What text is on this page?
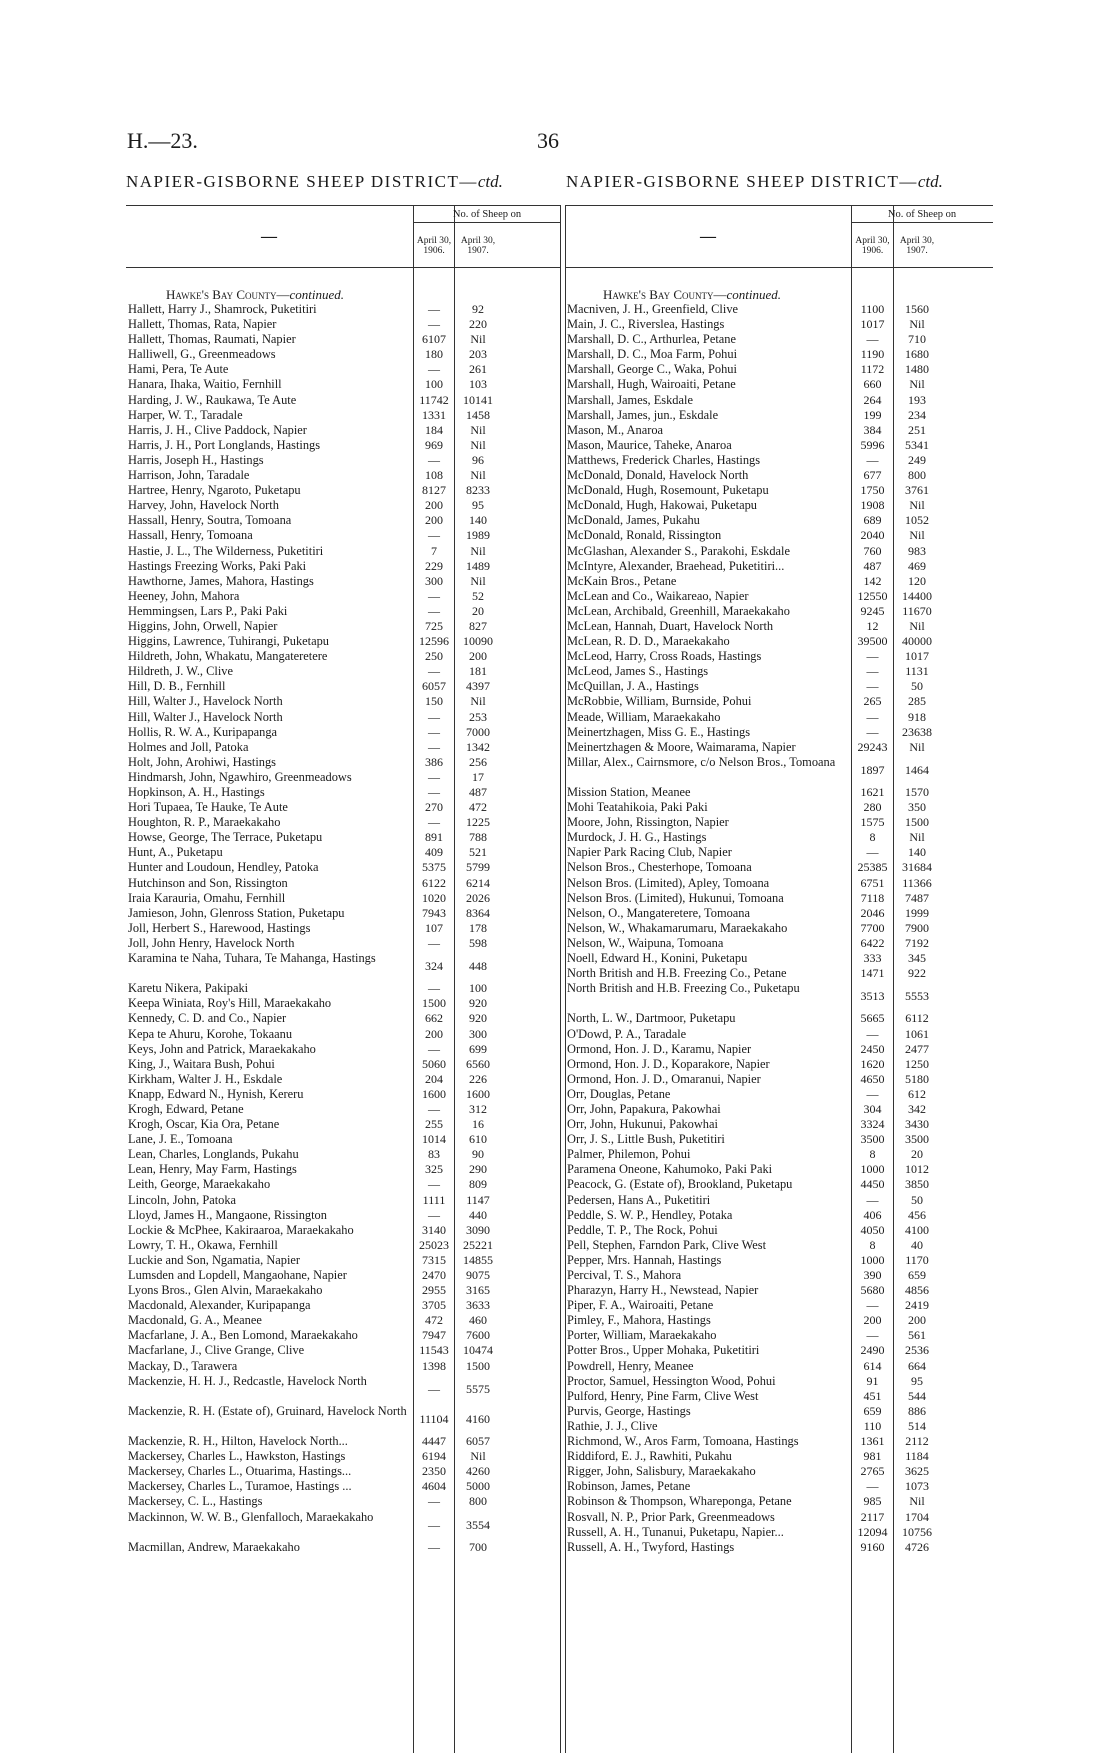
H.—23.	36
NAPIER-GISBORNE SHEEP DISTRICT—ctd.	NAPIER-GISBORNE SHEEP DISTRICT—ctd.
—
No. of Sheep on
April 30, 1906.
April 30, 1907.
Hawke's Bay County—continued.
Hallett, Harry J., Shamrock, Puketitiri	—	92
Hallett, Thomas, Rata, Napier	—	220
Hallett, Thomas, Raumati, Napier	6107	Nil
Halliwell, G., Greenmeadows	180	203
Hami, Pera, Te Aute	—	261
Hanara, Ihaka, Waitio, Fernhill	100	103
Harding, J. W., Raukawa, Te Aute	11742	10141
Harper, W. T., Taradale	1331	1458
Harris, J. H., Clive Paddock, Napier	184	Nil
Harris, J. H., Port Longlands, Hastings	969	Nil
Harris, Joseph H., Hastings	—	96
Harrison, John, Taradale	108	Nil
Hartree, Henry, Ngaroto, Puketapu	8127	8233
Harvey, John, Havelock North	200	95
Hassall, Henry, Soutra, Tomoana	200	140
Hassall, Henry, Tomoana	—	1989
Hastie, J. L., The Wilderness, Puketitiri	7	Nil
Hastings Freezing Works, Paki Paki	229	1489
Hawthorne, James, Mahora, Hastings	300	Nil
Heeney, John, Mahora	—	52
Hemmingsen, Lars P., Paki Paki	—	20
Higgins, John, Orwell, Napier	725	827
Higgins, Lawrence, Tuhirangi, Puketapu	12596	10090
Hildreth, John, Whakatu, Mangateretere	250	200
Hildreth, J. W., Clive	—	181
Hill, D. B., Fernhill	6057	4397
Hill, Walter J., Havelock North	150	Nil
Hill, Walter J., Havelock North	—	253
Hollis, R. W. A., Kuripapanga	—	7000
Holmes and Joll, Patoka	—	1342
Holt, John, Arohiwi, Hastings	386	256
Hindmarsh, John, Ngawhiro, Greenmeadows	—	17
Hopkinson, A. H., Hastings	—	487
Hori Tupaea, Te Hauke, Te Aute	270	472
Houghton, R. P., Maraekakaho	—	1225
Howse, George, The Terrace, Puketapu	891	788
Hunt, A., Puketapu	409	521
Hunter and Loudoun, Hendley, Patoka	5375	5799
Hutchinson and Son, Rissington	6122	6214
Iraia Karauria, Omahu, Fernhill	1020	2026
Jamieson, John, Glenross Station, Puketapu	7943	8364
Joll, Herbert S., Harewood, Hastings	107	178
Joll, John Henry, Havelock North	—	598
Karamina te Naha, Tuhara, Te Mahanga, Hastings
324	448
Karetu Nikera, Pakipaki	—	100
Keepa Winiata, Roy's Hill, Maraekakaho	1500	920
Kennedy, C. D. and Co., Napier	662	920
Kepa te Ahuru, Korohe, Tokaanu	200	300
Keys, John and Patrick, Maraekakaho	—	699
King, J., Waitara Bush, Pohui	5060	6560
Kirkham, Walter J. H., Eskdale	204	226
Knapp, Edward N., Hynish, Kereru	1600	1600
Krogh, Edward, Petane	—	312
Krogh, Oscar, Kia Ora, Petane	255	16
Lane, J. E., Tomoana	1014	610
Lean, Charles, Longlands, Pukahu	83	90
Lean, Henry, May Farm, Hastings	325	290
Leith, George, Maraekakaho	—	809
Lincoln, John, Patoka	1111	1147
Lloyd, James H., Mangaone, Rissington	—	440
Lockie & McPhee, Kakiraaroa, Maraekakaho	3140	3090
Lowry, T. H., Okawa, Fernhill	25023	25221
Luckie and Son, Ngamatia, Napier	7315	14855
Lumsden and Lopdell, Mangaohane, Napier	2470	9075
Lyons Bros., Glen Alvin, Maraekakaho	2955	3165
Macdonald, Alexander, Kuripapanga	3705	3633
Macdonald, G. A., Meanee	472	460
Macfarlane, J. A., Ben Lomond, Maraekakaho	7947	7600
Macfarlane, J., Clive Grange, Clive	11543	10474
Mackay, D., Tarawera	1398	1500
Mackenzie, H. H. J., Redcastle, Havelock North
—	5575
Mackenzie, R. H. (Estate of), Gruinard, Havelock North
11104	4160
Mackenzie, R. H., Hilton, Havelock North...	4447	6057
Mackersey, Charles L., Hawkston, Hastings	6194	Nil
Mackersey, Charles L., Otuarima, Hastings...	2350	4260
Mackersey, Charles L., Turamoe, Hastings ...	4604	5000
Mackersey, C. L., Hastings	—	800
Mackinnon, W. W. B., Glenfalloch, Maraekakaho
—	3554
Macmillan, Andrew, Maraekakaho	—	700
—
No. of Sheep on
April 30, 1906.
April 30, 1907.
Hawke's Bay County—continued.
Macniven, J. H., Greenfield, Clive	1100	1560
Main, J. C., Riverslea, Hastings	1017	Nil
Marshall, D. C., Arthurlea, Petane	—	710
Marshall, D. C., Moa Farm, Pohui	1190	1680
Marshall, George C., Waka, Pohui	1172	1480
Marshall, Hugh, Wairoaiti, Petane	660	Nil
Marshall, James, Eskdale	264	193
Marshall, James, jun., Eskdale	199	234
Mason, M., Anaroa	384	251
Mason, Maurice, Taheke, Anaroa	5996	5341
Matthews, Frederick Charles, Hastings	—	249
McDonald, Donald, Havelock North	677	800
McDonald, Hugh, Rosemount, Puketapu	1750	3761
McDonald, Hugh, Hakowai, Puketapu	1908	Nil
McDonald, James, Pukahu	689	1052
McDonald, Ronald, Rissington	2040	Nil
McGlashan, Alexander S., Parakohi, Eskdale	760	983
McIntyre, Alexander, Braehead, Puketitiri...	487	469
McKain Bros., Petane	142	120
McLean and Co., Waikareao, Napier	12550	14400
McLean, Archibald, Greenhill, Maraekakaho	9245	11670
McLean, Hannah, Duart, Havelock North	12	Nil
McLean, R. D. D., Maraekakaho	39500	40000
McLeod, Harry, Cross Roads, Hastings	—	1017
McLeod, James S., Hastings	—	1131
McQuillan, J. A., Hastings	—	50
McRobbie, William, Burnside, Pohui	265	285
Meade, William, Maraekakaho	—	918
Meinertzhagen, Miss G. E., Hastings	—	23638
Meinertzhagen & Moore, Waimarama, Napier	29243	Nil
Millar, Alex., Cairnsmore, c/o Nelson Bros., Tomoana
1897	1464
Mission Station, Meanee	1621	1570
Mohi Teatahikoia, Paki Paki	280	350
Moore, John, Rissington, Napier	1575	1500
Murdock, J. H. G., Hastings	8	Nil
Napier Park Racing Club, Napier	—	140
Nelson Bros., Chesterhope, Tomoana	25385	31684
Nelson Bros. (Limited), Apley, Tomoana	6751	11366
Nelson Bros. (Limited), Hukunui, Tomoana	7118	7487
Nelson, O., Mangateretere, Tomoana	2046	1999
Nelson, W., Whakamarumaru, Maraekakaho	7700	7900
Nelson, W., Waipuna, Tomoana	6422	7192
Noell, Edward H., Konini, Puketapu	333	345
North British and H.B. Freezing Co., Petane	1471	922
North British and H.B. Freezing Co., Puketapu
3513	5553
North, L. W., Dartmoor, Puketapu	5665	6112
O'Dowd, P. A., Taradale	—	1061
Ormond, Hon. J. D., Karamu, Napier	2450	2477
Ormond, Hon. J. D., Koparakore, Napier	1620	1250
Ormond, Hon. J. D., Omaranui, Napier	4650	5180
Orr, Douglas, Petane	—	612
Orr, John, Papakura, Pakowhai	304	342
Orr, John, Hukunui, Pakowhai	3324	3430
Orr, J. S., Little Bush, Puketitiri	3500	3500
Palmer, Philemon, Pohui	8	20
Paramena Oneone, Kahumoko, Paki Paki	1000	1012
Peacock, G. (Estate of), Brookland, Puketapu	4450	3850
Pedersen, Hans A., Puketitiri	—	50
Peddle, S. W. P., Hendley, Potaka	406	456
Peddle, T. P., The Rock, Pohui	4050	4100
Pell, Stephen, Farndon Park, Clive West	8	40
Pepper, Mrs. Hannah, Hastings	1000	1170
Percival, T. S., Mahora	390	659
Pharazyn, Harry H., Newstead, Napier	5680	4856
Piper, F. A., Wairoaiti, Petane	—	2419
Pimley, F., Mahora, Hastings	200	200
Porter, William, Maraekakaho	—	561
Potter Bros., Upper Mohaka, Puketitiri	2490	2536
Powdrell, Henry, Meanee	614	664
Proctor, Samuel, Hessington Wood, Pohui	91	95
Pulford, Henry, Pine Farm, Clive West	451	544
Purvis, George, Hastings	659	886
Rathie, J. J., Clive	110	514
Richmond, W., Aros Farm, Tomoana, Hastings	1361	2112
Riddiford, E. J., Rawhiti, Pukahu	981	1184
Rigger, John, Salisbury, Maraekakaho	2765	3625
Robinson, James, Petane	—	1073
Robinson & Thompson, Whareponga, Petane	985	Nil
Rosvall, N. P., Prior Park, Greenmeadows	2117	1704
Russell, A. H., Tunanui, Puketapu, Napier...	12094	10756
Russell, A. H., Twyford, Hastings	9160	4726
